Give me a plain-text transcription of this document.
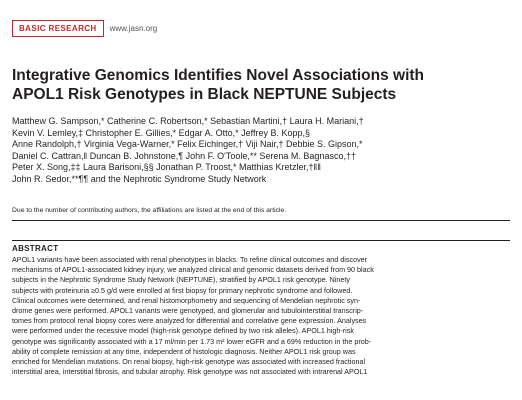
BASIC RESEARCH	www.jasn.org
Integrative Genomics Identifies Novel Associations with
APOL1 Risk Genotypes in Black NEPTUNE Subjects
Matthew G. Sampson,* Catherine C. Robertson,* Sebastian Martini,† Laura H. Mariani,†
Kevin V. Lemley,‡ Christopher E. Gillies,* Edgar A. Otto,* Jeffrey B. Kopp,§
Anne Randolph,† Virginia Vega-Warner,* Felix Eichinger,† Viji Nair,† Debbie S. Gipson,*
Daniel C. Cattran,‖ Duncan B. Johnstone,¶ John F. O'Toole,** Serena M. Bagnasco,††
Peter X. Song,‡‡ Laura Barisoni,§§ Jonathan P. Troost,* Matthias Kretzler,†‖‖
John R. Sedor,**¶¶ and the Nephrotic Syndrome Study Network
Due to the number of contributing authors, the affiliations are listed at the end of this article.
ABSTRACT
APOL1 variants have been associated with renal phenotypes in blacks. To refine clinical outcomes and discover
mechanisms of APOL1-associated kidney injury, we analyzed clinical and genomic datasets derived from 90 black
subjects in the Nephrotic Syndrome Study Network (NEPTUNE), stratified by APOL1 risk genotype. Ninety
subjects with proteinuria ≥0.5 g/d were enrolled at first biopsy for primary nephrotic syndrome and followed.
Clinical outcomes were determined, and renal histomorphometry and sequencing of Mendelian nephrotic syn-
drome genes were performed. APOL1 variants were genotyped, and glomerular and tubulointerstitial transcrip-
tomes from protocol renal biopsy cores were analyzed for differential and correlative gene expression. Analyses
were performed under the recessive model (high-risk genotype defined by two risk alleles). APOL1 high-risk
genotype was significantly associated with a 17 ml/min per 1.73 m² lower eGFR and a 69% reduction in the prob-
ability of complete remission at any time, independent of histologic diagnosis. Neither APOL1 risk group was
enriched for Mendelian mutations. On renal biopsy, high-risk genotype was associated with increased fractional
interstitial area, interstitial fibrosis, and tubular atrophy. Risk genotype was not associated with intrarenal APOL1
